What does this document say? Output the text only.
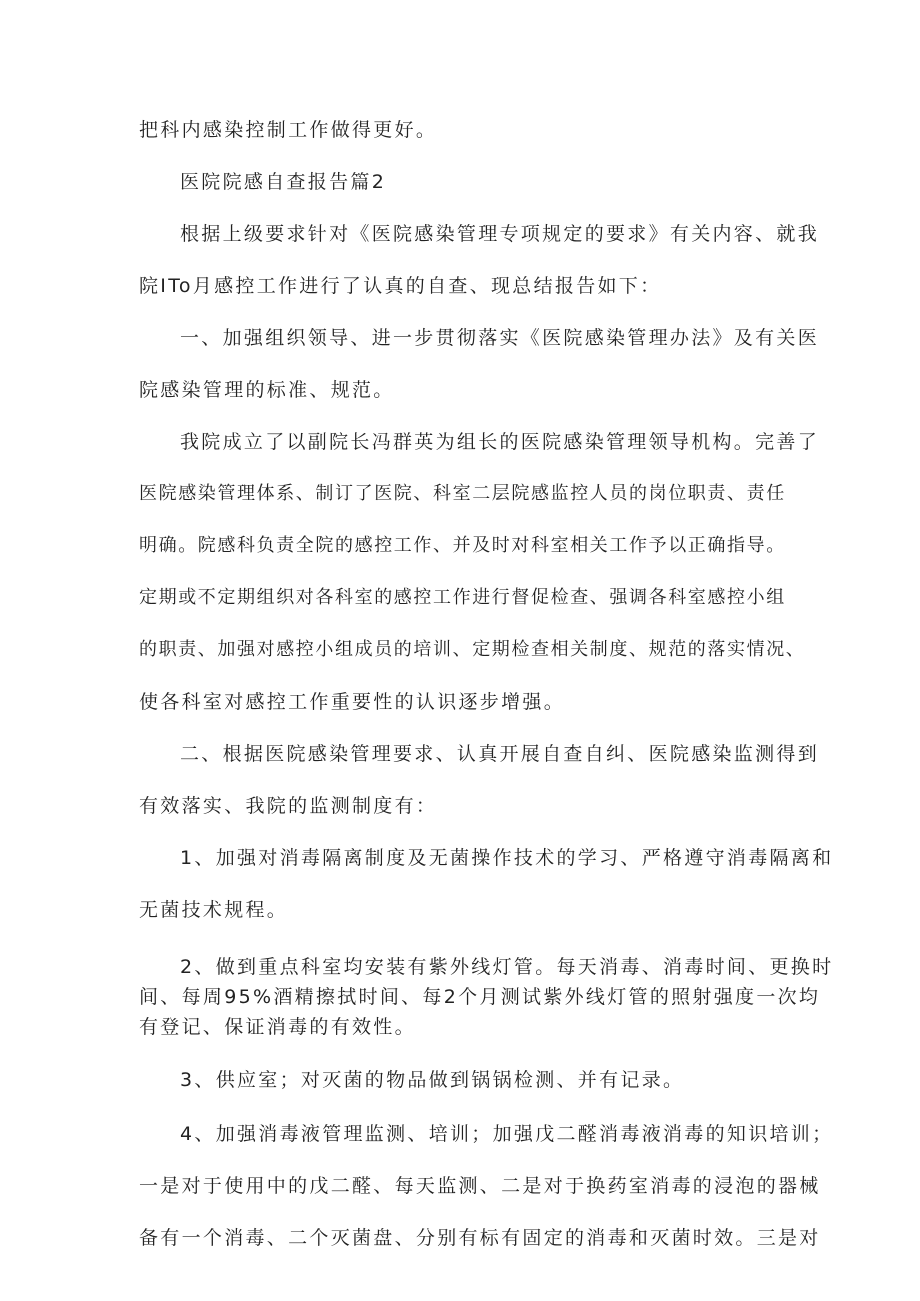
把科内感染控制工作做得更好。

医院院感自查报告篇2

根据上级要求针对《医院感染管理专项规定的要求》有关内容、就我

院ITo月感控工作进行了认真的自查、现总结报告如下：

一、加强组织领导、进一步贯彻落实《医院感染管理办法》及有关医

院感染管理的标准、规范。

我院成立了以副院长冯群英为组长的医院感染管理领导机构。完善了

医院感染管理体系、制订了医院、科室二层院感监控人员的岗位职责、责任

明确。院感科负责全院的感控工作、并及时对科室相关工作予以正确指导。

定期或不定期组织对各科室的感控工作进行督促检查、强调各科室感控小组

的职责、加强对感控小组成员的培训、定期检查相关制度、规范的落实情况、

使各科室对感控工作重要性的认识逐步增强。

二、根据医院感染管理要求、认真开展自查自纠、医院感染监测得到

有效落实、我院的监测制度有：

1、加强对消毒隔离制度及无菌操作技术的学习、严格遵守消毒隔离和

无菌技术规程。

2、做到重点科室均安装有紫外线灯管。每天消毒、消毒时间、更换时

间、每周95%酒精擦拭时间、每2个月测试紫外线灯管的照射强度一次均

有登记、保证消毒的有效性。

3、供应室；对灭菌的物品做到锅锅检测、并有记录。

4、加强消毒液管理监测、培训；加强戊二醛消毒液消毒的知识培训；

一是对于使用中的戊二醛、每天监测、二是对于换药室消毒的浸泡的器械

备有一个消毒、二个灭菌盘、分别有标有固定的消毒和灭菌时效。三是对
